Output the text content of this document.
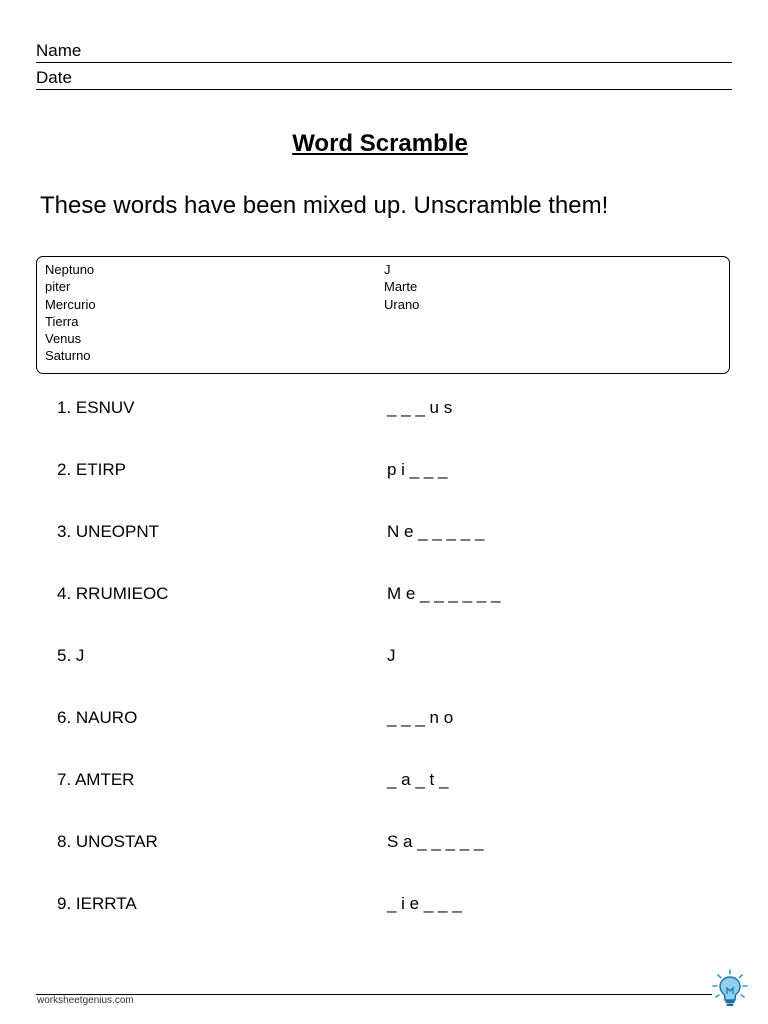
Name
Date
Word Scramble
These words have been mixed up. Unscramble them!
Neptuno
piter
Mercurio
Tierra
Venus
Saturno
J
Marte
Urano
1. ESNUV	_ _ _ u s
2. ETIRP	p i _ _ _
3. UNEOPNT	N e _ _ _ _ _
4. RRUMIEOC	M e _ _ _ _ _ _
5. J	J
6. NAURO	_ _ _ n o
7. AMTER	_ a _ t _
8. UNOSTAR	S a _ _ _ _ _
9. IERRTA	_ i e _ _ _
worksheetgenius.com
